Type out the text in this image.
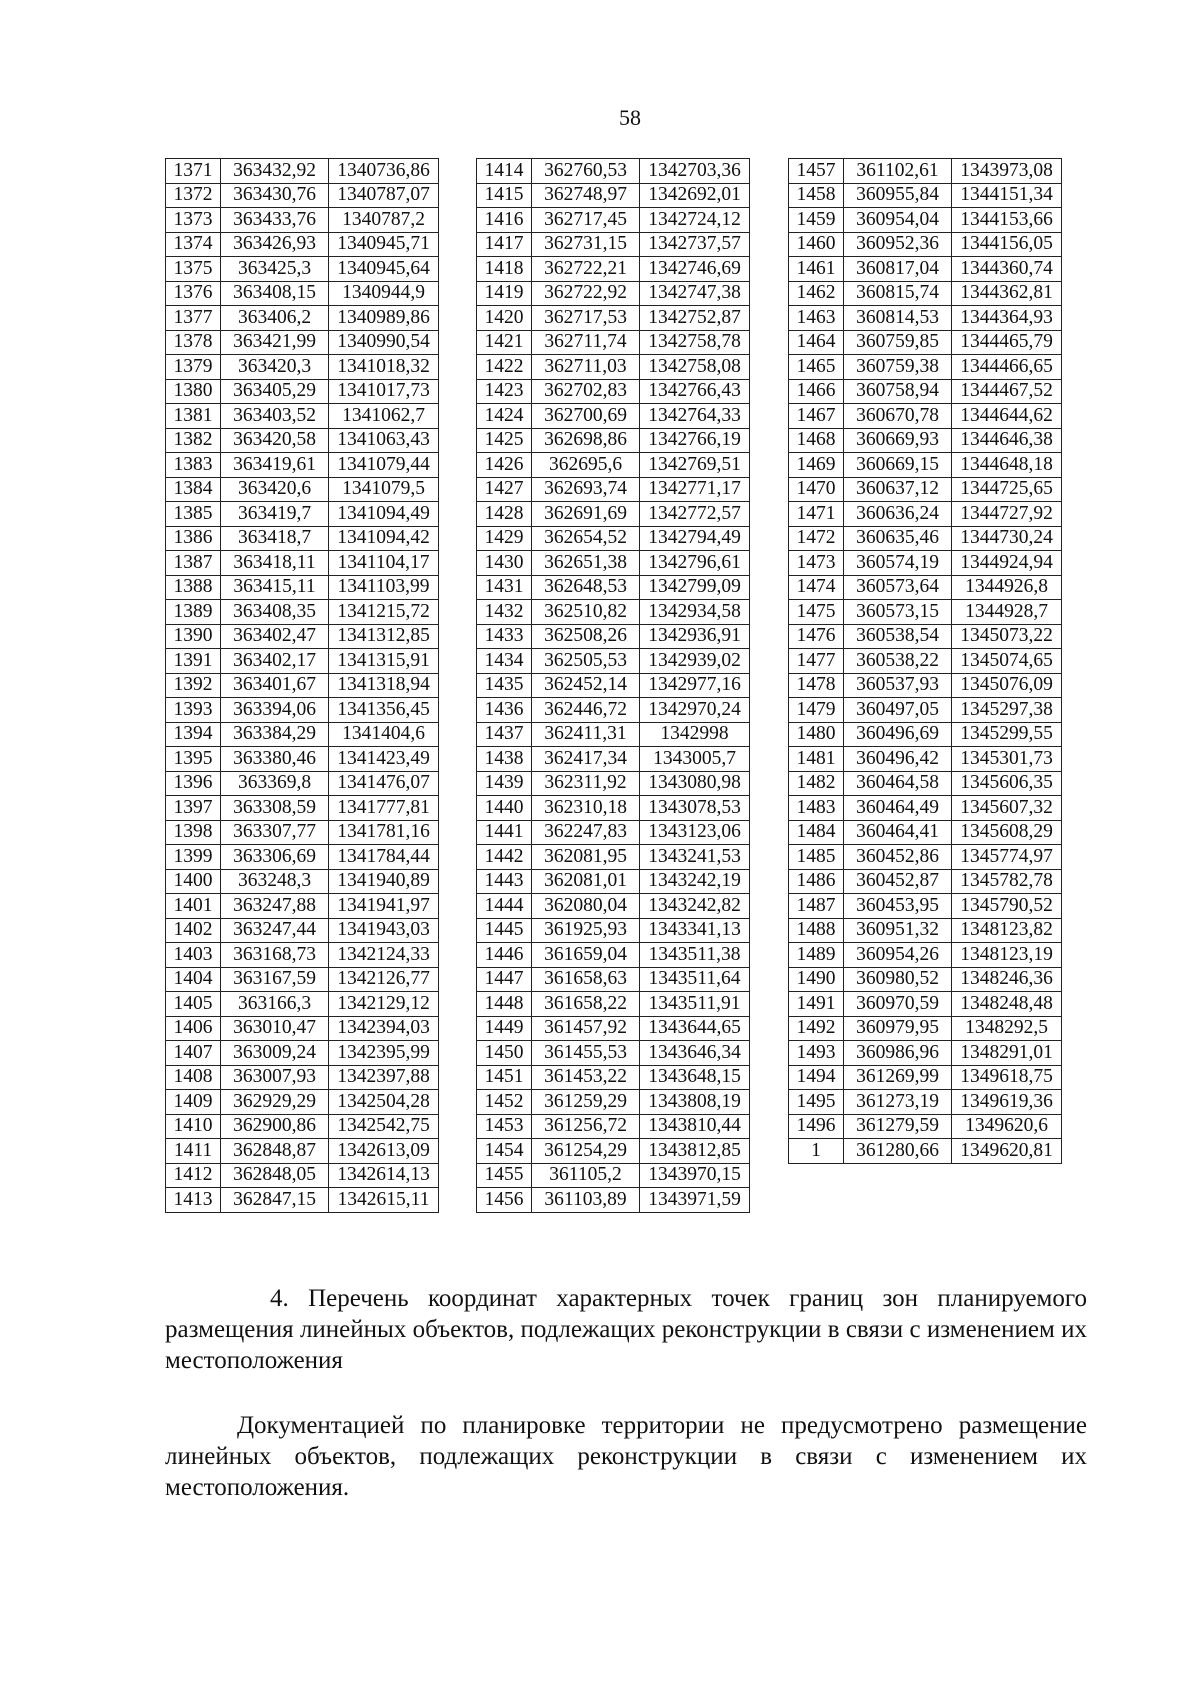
58
1371	363432,92	1340736,86
1372	363430,76	1340787,07
1373	363433,76	1340787,2
1374	363426,93	1340945,71
1375	363425,3	1340945,64
1376	363408,15	1340944,9
1377	363406,2	1340989,86
1378	363421,99	1340990,54
1379	363420,3	1341018,32
1380	363405,29	1341017,73
1381	363403,52	1341062,7
1382	363420,58	1341063,43
1383	363419,61	1341079,44
1384	363420,6	1341079,5
1385	363419,7	1341094,49
1386	363418,7	1341094,42
1387	363418,11	1341104,17
1388	363415,11	1341103,99
1389	363408,35	1341215,72
1390	363402,47	1341312,85
1391	363402,17	1341315,91
1392	363401,67	1341318,94
1393	363394,06	1341356,45
1394	363384,29	1341404,6
1395	363380,46	1341423,49
1396	363369,8	1341476,07
1397	363308,59	1341777,81
1398	363307,77	1341781,16
1399	363306,69	1341784,44
1400	363248,3	1341940,89
1401	363247,88	1341941,97
1402	363247,44	1341943,03
1403	363168,73	1342124,33
1404	363167,59	1342126,77
1405	363166,3	1342129,12
1406	363010,47	1342394,03
1407	363009,24	1342395,99
1408	363007,93	1342397,88
1409	362929,29	1342504,28
1410	362900,86	1342542,75
1411	362848,87	1342613,09
1412	362848,05	1342614,13
1413	362847,15	1342615,11
1414	362760,53	1342703,36
1415	362748,97	1342692,01
1416	362717,45	1342724,12
1417	362731,15	1342737,57
1418	362722,21	1342746,69
1419	362722,92	1342747,38
1420	362717,53	1342752,87
1421	362711,74	1342758,78
1422	362711,03	1342758,08
1423	362702,83	1342766,43
1424	362700,69	1342764,33
1425	362698,86	1342766,19
1426	362695,6	1342769,51
1427	362693,74	1342771,17
1428	362691,69	1342772,57
1429	362654,52	1342794,49
1430	362651,38	1342796,61
1431	362648,53	1342799,09
1432	362510,82	1342934,58
1433	362508,26	1342936,91
1434	362505,53	1342939,02
1435	362452,14	1342977,16
1436	362446,72	1342970,24
1437	362411,31	1342998
1438	362417,34	1343005,7
1439	362311,92	1343080,98
1440	362310,18	1343078,53
1441	362247,83	1343123,06
1442	362081,95	1343241,53
1443	362081,01	1343242,19
1444	362080,04	1343242,82
1445	361925,93	1343341,13
1446	361659,04	1343511,38
1447	361658,63	1343511,64
1448	361658,22	1343511,91
1449	361457,92	1343644,65
1450	361455,53	1343646,34
1451	361453,22	1343648,15
1452	361259,29	1343808,19
1453	361256,72	1343810,44
1454	361254,29	1343812,85
1455	361105,2	1343970,15
1456	361103,89	1343971,59
1457	361102,61	1343973,08
1458	360955,84	1344151,34
1459	360954,04	1344153,66
1460	360952,36	1344156,05
1461	360817,04	1344360,74
1462	360815,74	1344362,81
1463	360814,53	1344364,93
1464	360759,85	1344465,79
1465	360759,38	1344466,65
1466	360758,94	1344467,52
1467	360670,78	1344644,62
1468	360669,93	1344646,38
1469	360669,15	1344648,18
1470	360637,12	1344725,65
1471	360636,24	1344727,92
1472	360635,46	1344730,24
1473	360574,19	1344924,94
1474	360573,64	1344926,8
1475	360573,15	1344928,7
1476	360538,54	1345073,22
1477	360538,22	1345074,65
1478	360537,93	1345076,09
1479	360497,05	1345297,38
1480	360496,69	1345299,55
1481	360496,42	1345301,73
1482	360464,58	1345606,35
1483	360464,49	1345607,32
1484	360464,41	1345608,29
1485	360452,86	1345774,97
1486	360452,87	1345782,78
1487	360453,95	1345790,52
1488	360951,32	1348123,82
1489	360954,26	1348123,19
1490	360980,52	1348246,36
1491	360970,59	1348248,48
1492	360979,95	1348292,5
1493	360986,96	1348291,01
1494	361269,99	1349618,75
1495	361273,19	1349619,36
1496	361279,59	1349620,6
1	361280,66	1349620,81
4. Перечень координат характерных точек границ зон планируемого размещения линейных объектов, подлежащих реконструкции в связи с изменением их местоположения
Документацией по планировке территории не предусмотрено размещение линейных объектов, подлежащих реконструкции в связи с изменением их местоположения.
